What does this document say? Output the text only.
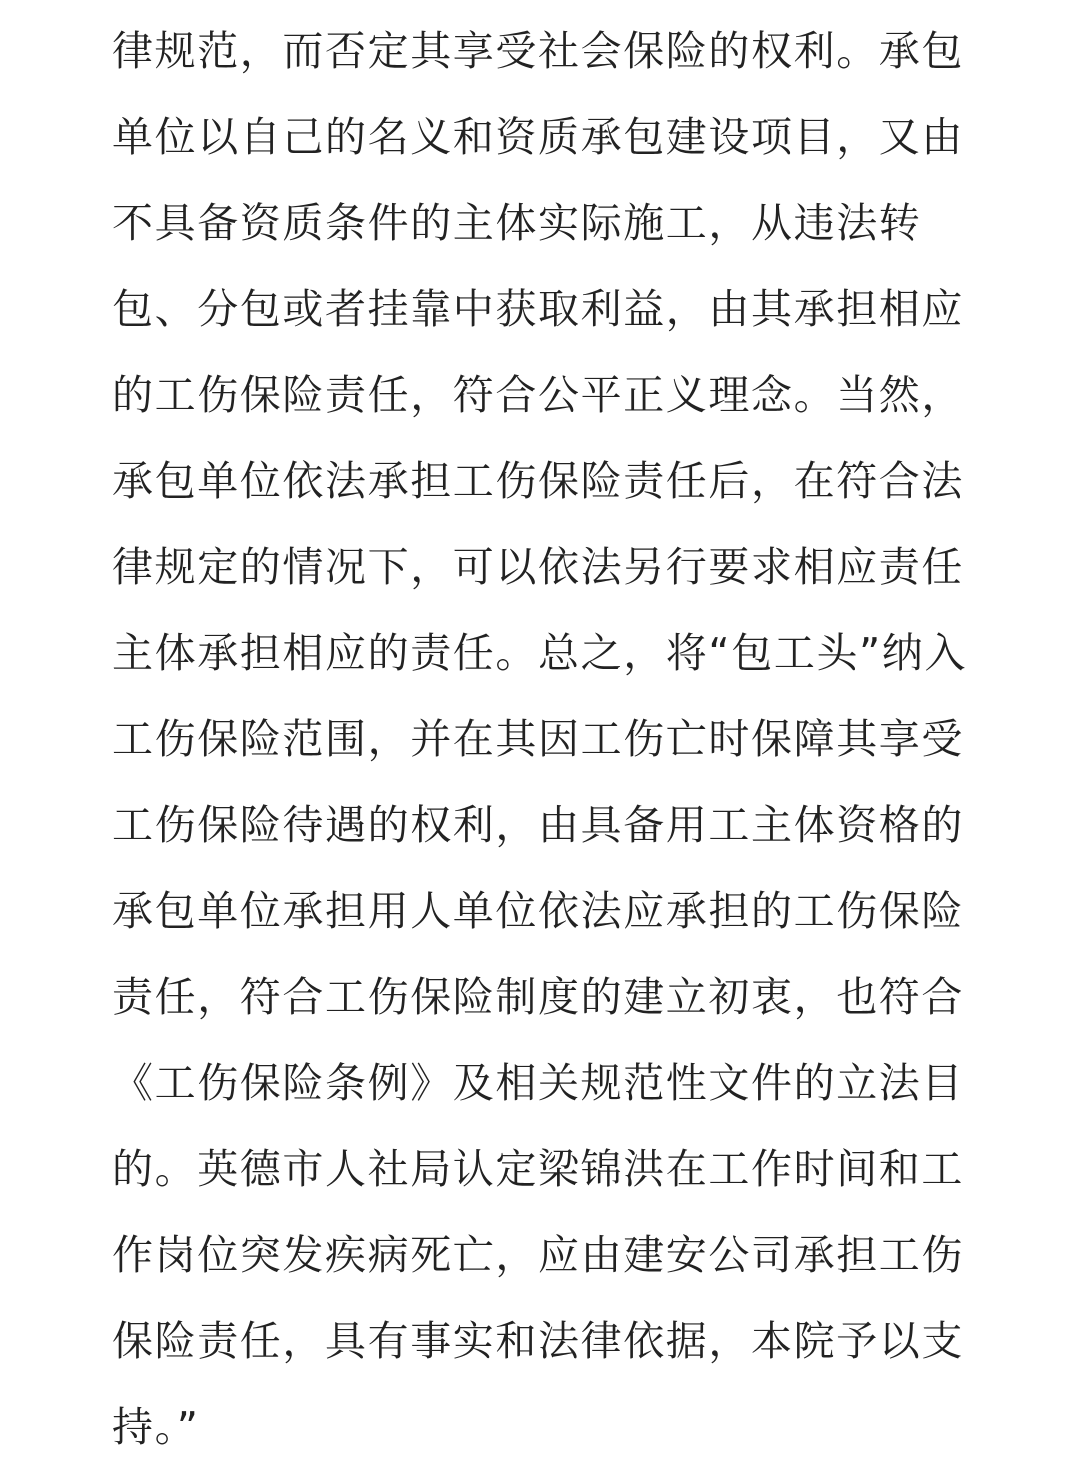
律规范，而否定其享受社会保险的权利。承包
单位以自己的名义和资质承包建设项目，又由
不具备资质条件的主体实际施工，从违法转
包、分包或者挂靠中获取利益，由其承担相应
的工伤保险责任，符合公平正义理念。当然，
承包单位依法承担工伤保险责任后，在符合法
律规定的情况下，可以依法另行要求相应责任
主体承担相应的责任。总之，将“包工头”纳入
工伤保险范围，并在其因工伤亡时保障其享受
工伤保险待遇的权利，由具备用工主体资格的
承包单位承担用人单位依法应承担的工伤保险
责任，符合工伤保险制度的建立初衷，也符合
《工伤保险条例》及相关规范性文件的立法目
的。英德市人社局认定梁锦洪在工作时间和工
作岗位突发疾病死亡，应由建安公司承担工伤
保险责任，具有事实和法律依据，本院予以支
持。”
